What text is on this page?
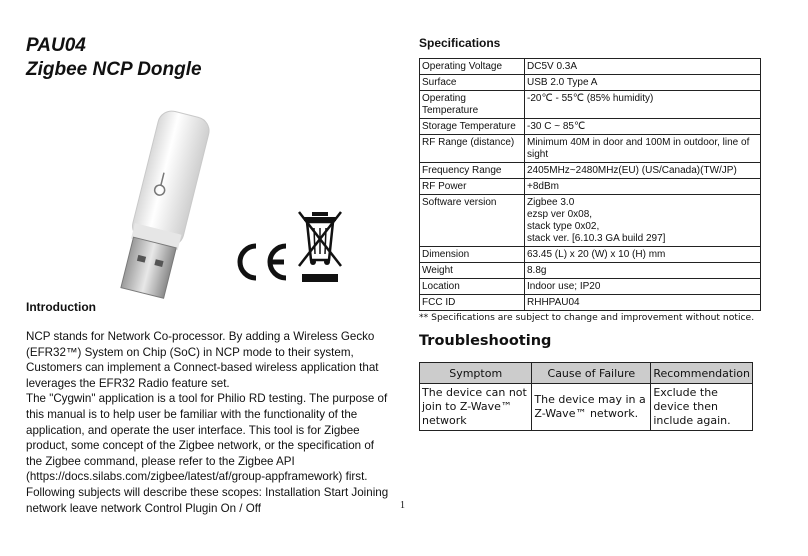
PAU04
Zigbee NCP Dongle
Introduction

NCP stands for Network Co-processor. By adding a Wireless Gecko (EFR32™) System on Chip (SoC) in NCP mode to their system, Customers can implement a Connect-based wireless application that leverages the EFR32 Radio feature set.

The "Cygwin" application is a tool for Philio RD testing. The purpose of this manual is to help user be familiar with the functionality of the application, and operate the user interface. This tool is for Zigbee product, some concept of the Zigbee network, or the specification of the Zigbee command, please refer to the Zigbee API (https://docs.silabs.com/zigbee/latest/af/group-appframework) first.

Following subjects will describe these scopes: Installation Start Joining network leave network Control Plugin On / Off

Specifications
Operating Voltage	DC5V 0.3A
Surface	USB 2.0 Type A
Operating Temperature	-20℃ - 55℃ (85% humidity)
Storage Temperature	-30 C ~ 85℃
RF Range (distance)	Minimum 40M in door and 100M in outdoor, line of sight
Frequency Range	2405MHz~2480MHz(EU) (US/Canada)(TW/JP)
RF Power	+8dBm
Software version	Zigbee 3.0
ezsp ver 0x08,
stack type 0x02,
stack ver. [6.10.3 GA build 297]
Dimension	63.45 (L) x 20 (W) x 10 (H) mm
Weight	8.8g
Location	Indoor use; IP20
FCC ID	RHHPAU04
** Specifications are subject to change and improvement without notice.
Troubleshooting
Symptom	Cause of Failure	Recommendation
The device can not join to Z-Wave™ network	The device may in a Z-Wave™ network.	Exclude the device then include again.
1
